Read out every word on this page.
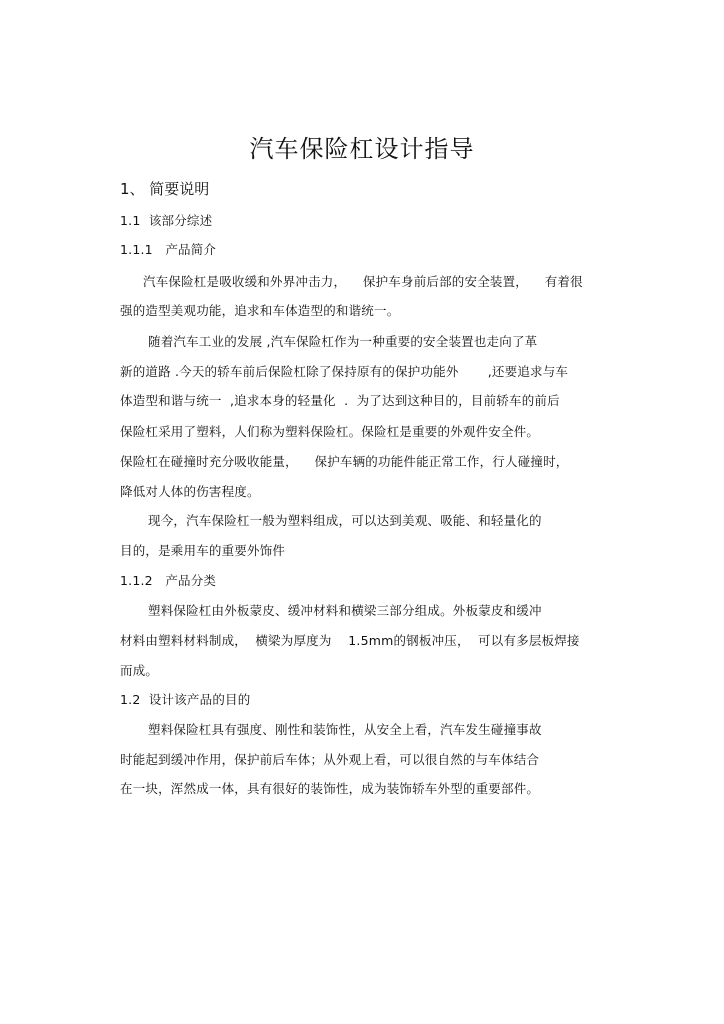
汽车保险杠设计指导
1、 简要说明
1.1  该部分综述
1.1.1   产品简介
汽车保险杠是吸收缓和外界冲击力，    保护车身前后部的安全装置，    有着很
强的造型美观功能，追求和车体造型的和谐统一。
随着汽车工业的发展 ,汽车保险杠作为一种重要的安全装置也走向了革
新的道路 .今天的轿车前后保险杠除了保持原有的保护功能外       ,还要追求与车
体造型和谐与统一  ,追求本身的轻量化  .  为了达到这种目的，目前轿车的前后
保险杠采用了塑料，人们称为塑料保险杠。保险杠是重要的外观件安全件。
保险杠在碰撞时充分吸收能量，    保护车辆的功能件能正常工作，行人碰撞时，
降低对人体的伤害程度。
现今，汽车保险杠一般为塑料组成，可以达到美观、吸能、和轻量化的
目的，是乘用车的重要外饰件
1.1.2   产品分类
塑料保险杠由外板蒙皮、缓冲材料和横梁三部分组成。外板蒙皮和缓冲
材料由塑料材料制成，  横梁为厚度为    1.5mm的钢板冲压，  可以有多层板焊接
而成。
1.2  设计该产品的目的
塑料保险杠具有强度、刚性和装饰性，从安全上看，汽车发生碰撞事故
时能起到缓冲作用，保护前后车体；从外观上看，可以很自然的与车体结合
在一块，浑然成一体，具有很好的装饰性，成为装饰轿车外型的重要部件。
